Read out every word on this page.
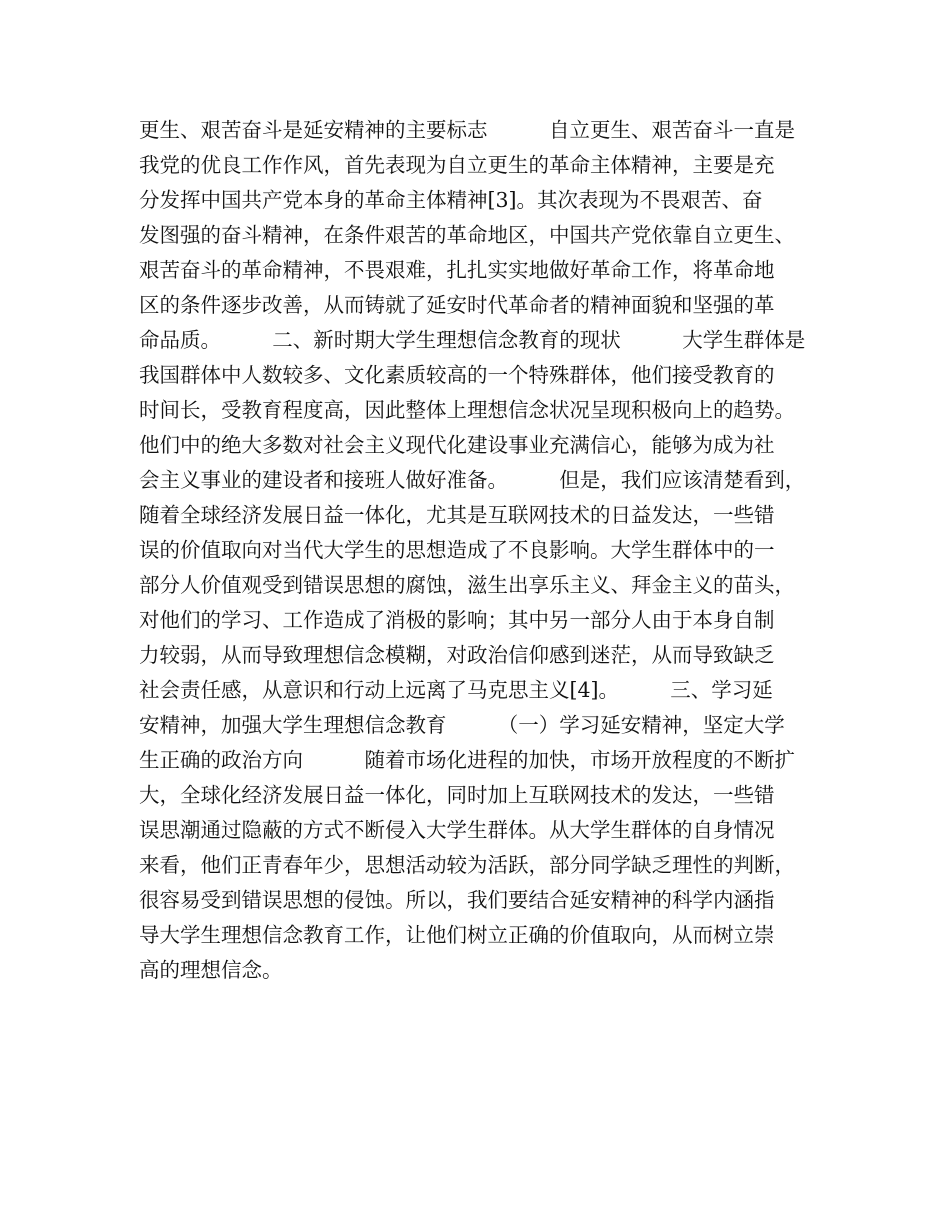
更生、艰苦奋斗是延安精神的主要标志　　　自立更生、艰苦奋斗一直是
我党的优良工作作风，首先表现为自立更生的革命主体精神，主要是充
分发挥中国共产党本身的革命主体精神[3]。其次表现为不畏艰苦、奋
发图强的奋斗精神，在条件艰苦的革命地区，中国共产党依靠自立更生、
艰苦奋斗的革命精神，不畏艰难，扎扎实实地做好革命工作，将革命地
区的条件逐步改善，从而铸就了延安时代革命者的精神面貌和坚强的革
命品质。　　　二、新时期大学生理想信念教育的现状　　　大学生群体是
我国群体中人数较多、文化素质较高的一个特殊群体，他们接受教育的
时间长，受教育程度高，因此整体上理想信念状况呈现积极向上的趋势。
他们中的绝大多数对社会主义现代化建设事业充满信心，能够为成为社
会主义事业的建设者和接班人做好准备。　　　但是，我们应该清楚看到，
随着全球经济发展日益一体化，尤其是互联网技术的日益发达，一些错
误的价值取向对当代大学生的思想造成了不良影响。大学生群体中的一
部分人价值观受到错误思想的腐蚀，滋生出享乐主义、拜金主义的苗头，
对他们的学习、工作造成了消极的影响；其中另一部分人由于本身自制
力较弱，从而导致理想信念模糊，对政治信仰感到迷茫，从而导致缺乏
社会责任感，从意识和行动上远离了马克思主义[4]。　　　三、学习延
安精神，加强大学生理想信念教育　　　（一）学习延安精神，坚定大学
生正确的政治方向　　　随着市场化进程的加快，市场开放程度的不断扩
大，全球化经济发展日益一体化，同时加上互联网技术的发达，一些错
误思潮通过隐蔽的方式不断侵入大学生群体。从大学生群体的自身情况
来看，他们正青春年少，思想活动较为活跃，部分同学缺乏理性的判断，
很容易受到错误思想的侵蚀。所以，我们要结合延安精神的科学内涵指
导大学生理想信念教育工作，让他们树立正确的价值取向，从而树立崇
高的理想信念。
